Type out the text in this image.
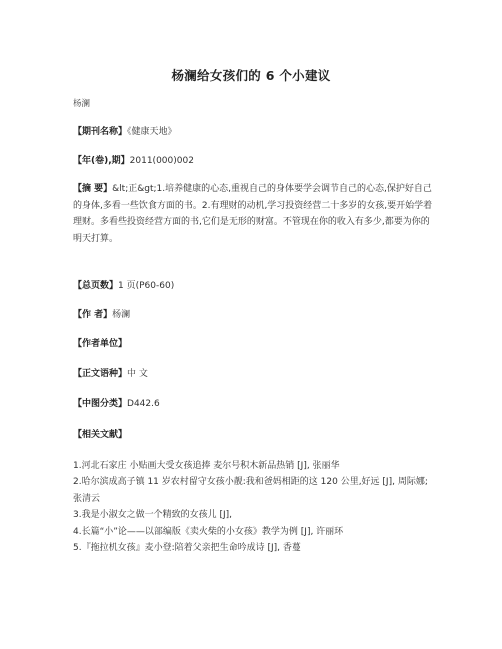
杨澜给女孩们的 6 个小建议
杨澜
【期刊名称】《健康天地》
【年(卷),期】2011(000)002
【摘 要】&lt;正&gt;1.培养健康的心态,重视自己的身体要学会调节自己的心态,保护好自己的身体,多看一些饮食方面的书。2.有理财的动机,学习投资经营二十多岁的女孩,要开始学着理财。多看些投资经营方面的书,它们是无形的财富。不管现在你的收入有多少,都要为你的明天打算。
【总页数】1 页(P60-60)
【作 者】杨澜
【作者单位】
【正文语种】中 文
【中图分类】D442.6
【相关文献】
1.河北石家庄 小贴画大受女孩追捧 麦尔号积木新品热销 [J], 张丽华
2.哈尔滨成高子镇 11 岁农村留守女孩小靓:我和爸妈相距的这 120 公里,好远 [J], 周际娜;张清云
3.我是小淑女之做一个精致的女孩儿 [J],
4.长篇“小”论——以部编版《卖火柴的小女孩》教学为例 [J], 许丽环
5.『拖拉机女孩』麦小登:陪着父亲把生命吟成诗 [J], 香蔓
